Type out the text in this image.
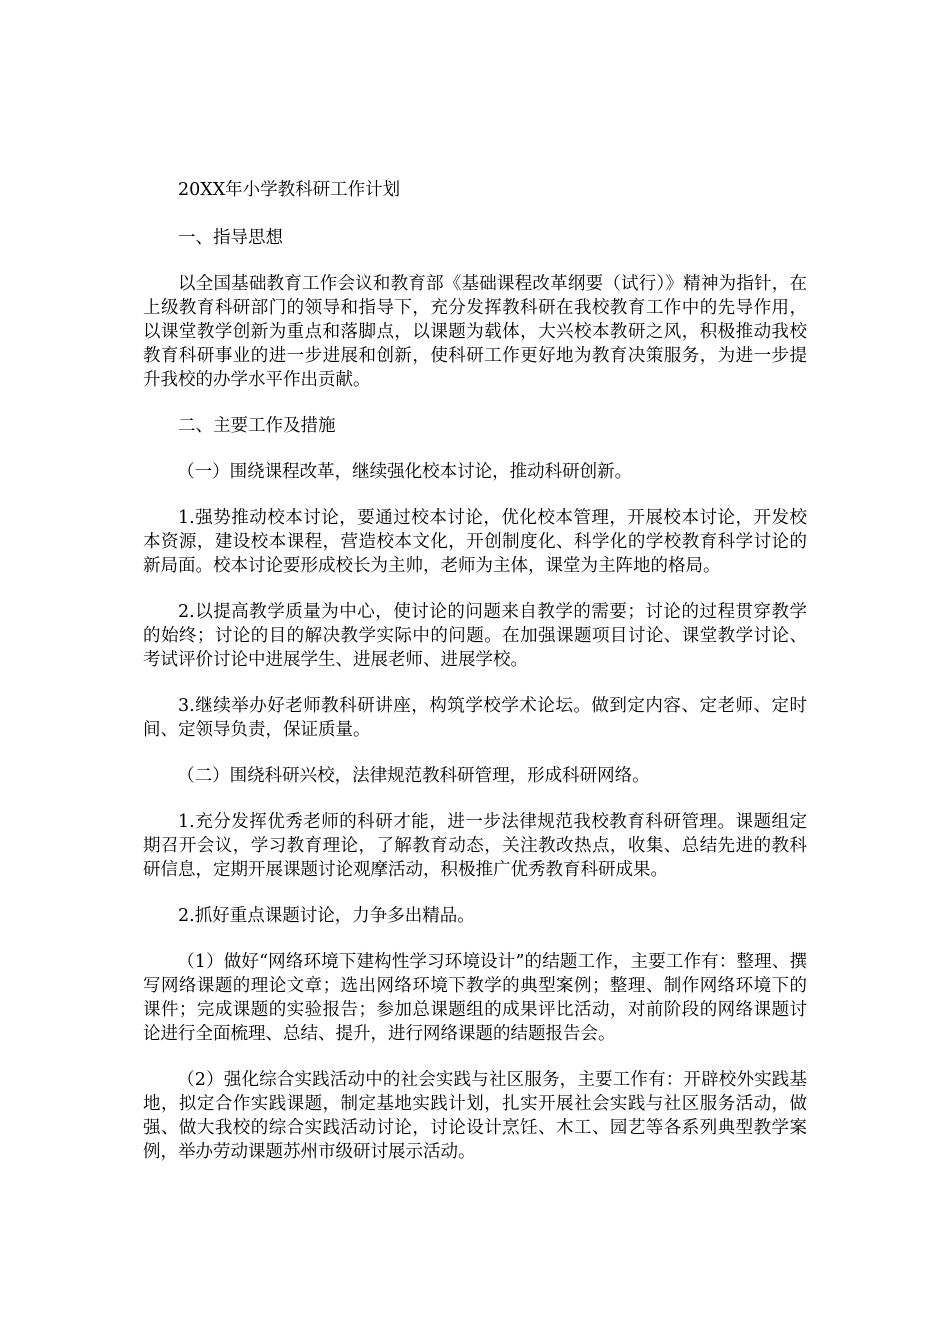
20XX年小学教科研工作计划

一、指导思想

以全国基础教育工作会议和教育部《基础课程改革纲要（试行）》精神为指针，在上级教育科研部门的领导和指导下，充分发挥教科研在我校教育工作中的先导作用，以课堂教学创新为重点和落脚点，以课题为载体，大兴校本教研之风，积极推动我校教育科研事业的进一步进展和创新，使科研工作更好地为教育决策服务，为进一步提升我校的办学水平作出贡献。

二、主要工作及措施

（一）围绕课程改革，继续强化校本讨论，推动科研创新。

1.强势推动校本讨论，要通过校本讨论，优化校本管理，开展校本讨论，开发校本资源，建设校本课程，营造校本文化，开创制度化、科学化的学校教育科学讨论的新局面。校本讨论要形成校长为主帅，老师为主体，课堂为主阵地的格局。

2.以提高教学质量为中心，使讨论的问题来自教学的需要；讨论的过程贯穿教学的始终；讨论的目的解决教学实际中的问题。在加强课题项目讨论、课堂教学讨论、考试评价讨论中进展学生、进展老师、进展学校。

3.继续举办好老师教科研讲座，构筑学校学术论坛。做到定内容、定老师、定时间、定领导负责，保证质量。

（二）围绕科研兴校，法律规范教科研管理，形成科研网络。

1.充分发挥优秀老师的科研才能，进一步法律规范我校教育科研管理。课题组定期召开会议，学习教育理论，了解教育动态，关注教改热点，收集、总结先进的教科研信息，定期开展课题讨论观摩活动，积极推广优秀教育科研成果。

2.抓好重点课题讨论，力争多出精品。

（1）做好“网络环境下建构性学习环境设计”的结题工作，主要工作有：整理、撰写网络课题的理论文章；选出网络环境下教学的典型案例；整理、制作网络环境下的课件；完成课题的实验报告；参加总课题组的成果评比活动，对前阶段的网络课题讨论进行全面梳理、总结、提升，进行网络课题的结题报告会。

（2）强化综合实践活动中的社会实践与社区服务，主要工作有：开辟校外实践基地，拟定合作实践课题，制定基地实践计划，扎实开展社会实践与社区服务活动，做强、做大我校的综合实践活动讨论，讨论设计烹饪、木工、园艺等各系列典型教学案例，举办劳动课题苏州市级研讨展示活动。
